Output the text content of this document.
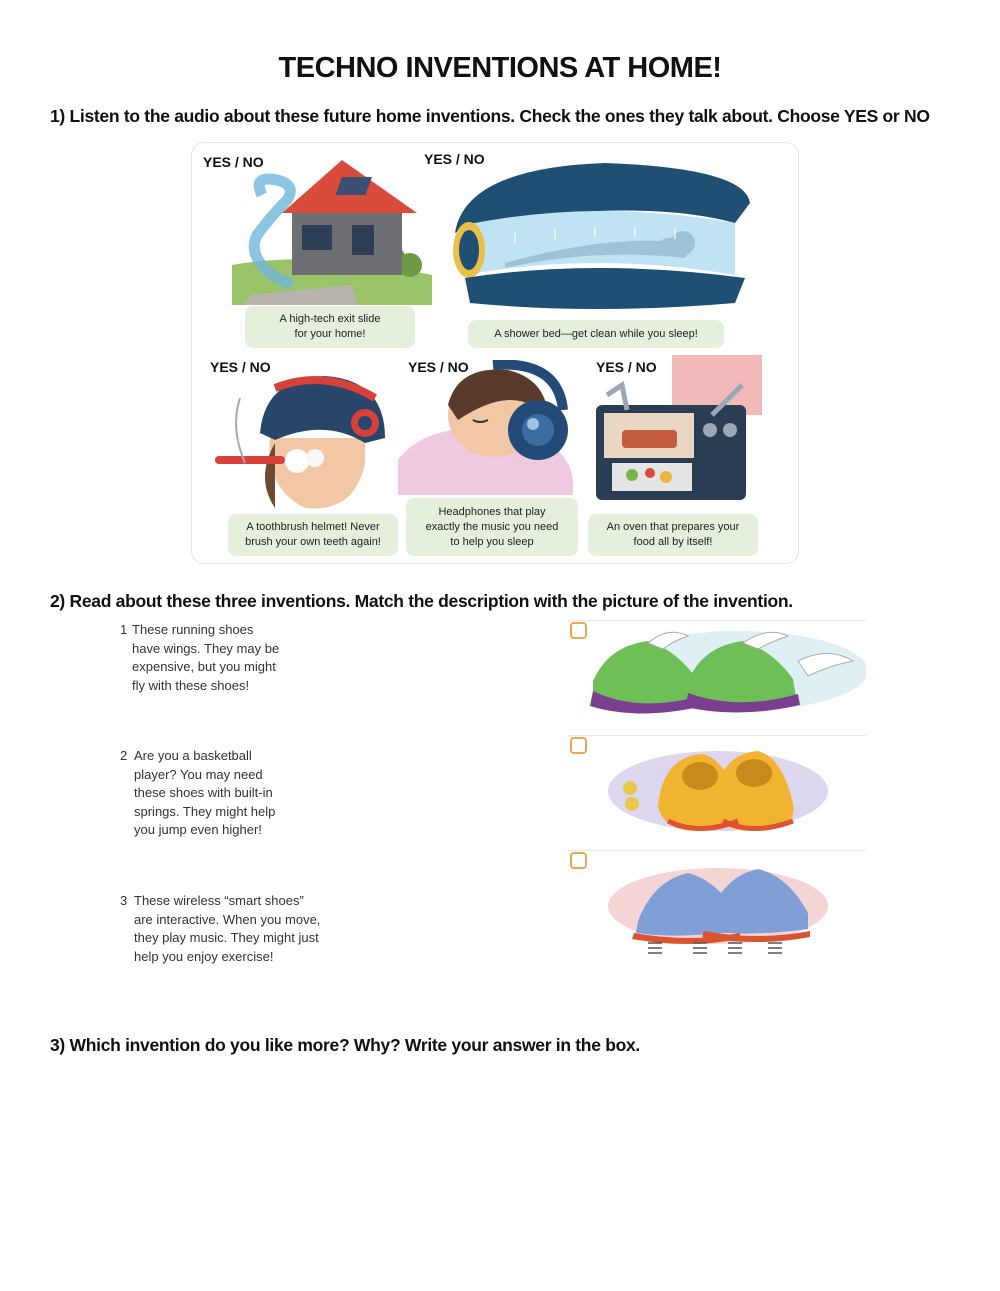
TECHNO INVENTIONS AT HOME!
1) Listen to the audio about these future home inventions. Check the ones they talk about. Choose YES or NO
YES / NO
A high-tech exit slide
for your home!
YES / NO
A shower bed—get clean while you sleep!
YES / NO
A toothbrush helmet! Never
brush your own teeth again!
YES / NO
Headphones that play
exactly the music you need
to help you sleep
YES / NO
An oven that prepares your
food all by itself!
2) Read about these three inventions. Match the description with the picture of the invention.
1 These running shoes
have wings. They may be
expensive, but you might
fly with these shoes!
2 Are you a basketball
player? You may need
these shoes with built-in
springs. They might help
you jump even higher!
3 These wireless “smart shoes”
are interactive. When you move,
they play music. They might just
help you enjoy exercise!
3) Which invention do you like more? Why? Write your answer in the box.
